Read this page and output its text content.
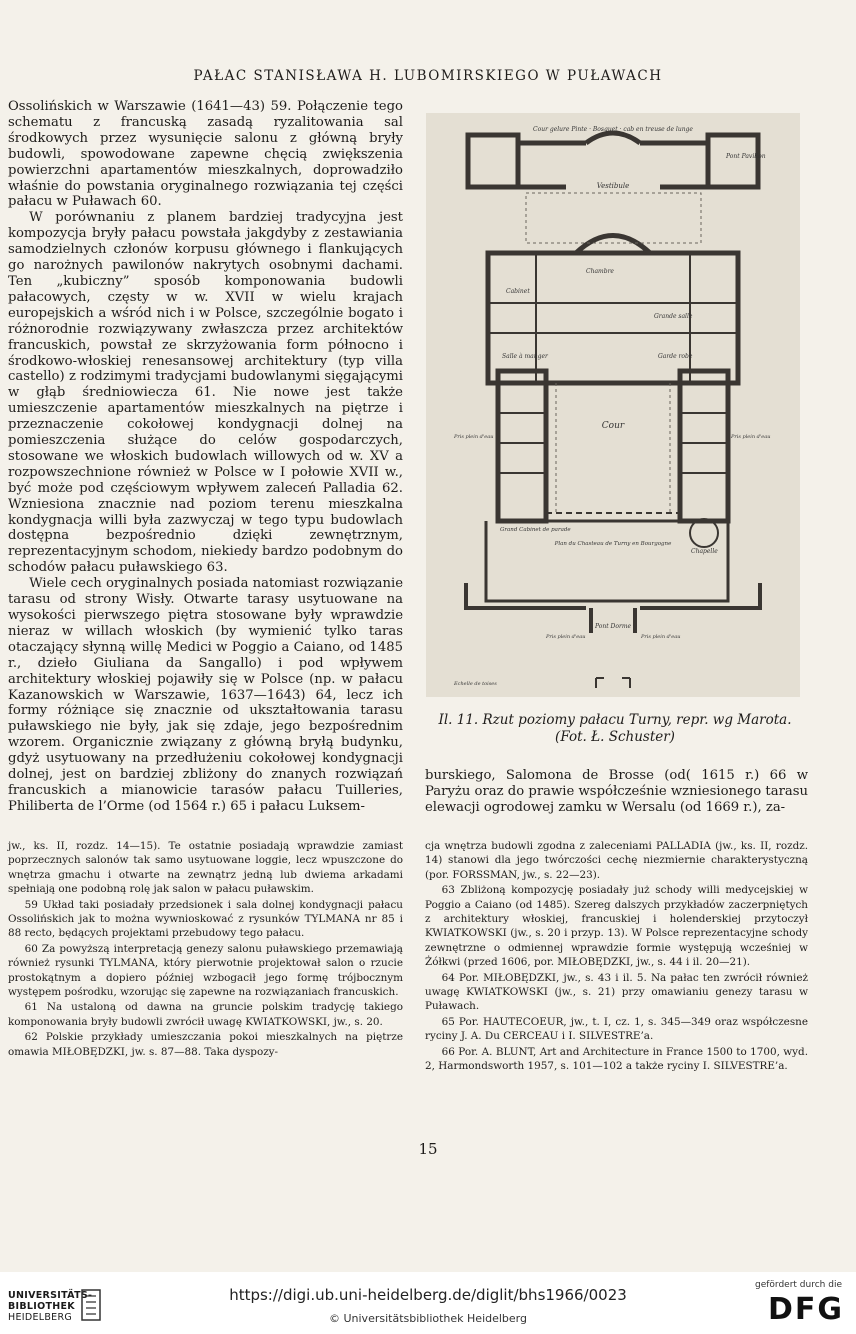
PAŁAC STANISŁAWA H. LUBOMIRSKIEGO W PUŁAWACH

Ossolińskich w Warszawie (1641—43) 59. Połączenie tego schematu z francuską zasadą ryzalitowania sal środkowych przez wysunięcie salonu z główną bryły budowli, spowodowane zapewne chęcią zwiększenia powierzchni apartamentów mieszkalnych, doprowadziło właśnie do powstania oryginalnego rozwiązania tej części pałacu w Puławach 60.

W porównaniu z planem bardziej tradycyjna jest kompozycja bryły pałacu powstała jakgdyby z zestawiania samodzielnych członów korpusu głównego i flankujących go narożnych pawilonów nakrytych osobnymi dachami. Ten „kubiczny” sposób komponowania budowli pałacowych, częsty w w. XVII w wielu krajach europejskich a wśród nich i w Polsce, szczególnie bogato i różnorodnie rozwiązywany zwłaszcza przez architektów francuskich, powstał ze skrzyżowania form północno i środkowo-włoskiej renesansowej architektury (typ villa castello) z rodzimymi tradycjami budowlanymi sięgającymi w głąb średniowiecza 61. Nie nowe jest także umieszczenie apartamentów mieszkalnych na piętrze i przeznaczenie cokołowej kondygnacji dolnej na pomieszczenia służące do celów gospodarczych, stosowane we włoskich budowlach willowych od w. XV a rozpowszechnione również w Polsce w I połowie XVII w., być może pod częściowym wpływem zaleceń Palladia 62. Wzniesiona znacznie nad poziom terenu mieszkalna kondygnacja willi była zazwyczaj w tego typu budowlach dostępna bezpośrednio dzięki zewnętrznym, reprezentacyjnym schodom, niekiedy bardzo podobnym do schodów pałacu puławskiego 63.

Wiele cech oryginalnych posiada natomiast rozwiązanie tarasu od strony Wisły. Otwarte tarasy usytuowane na wysokości pierwszego piętra stosowane były wprawdzie nieraz w willach włoskich (by wymienić tylko taras otaczający słynną willę Medici w Poggio a Caiano, od 1485 r., dzieło Giuliana da Sangallo) i pod wpływem architektury włoskiej pojawiły się w Polsce (np. w pałacu Kazanowskich w Warszawie, 1637—1643) 64, lecz ich formy różniące się znacznie od ukształtowania tarasu puławskiego nie były, jak się zdaje, jego bezpośrednim wzorem. Organicznie związany z główną bryłą budynku, gdyż usytuowany na przedłużeniu cokołowej kondygnacji dolnej, jest on bardziej zbliżony do znanych rozwiązań francuskich a mianowicie tarasów pałacu Tuilleries, Philiberta de l’Orme (od 1564 r.) 65 i pałacu Luksem-

Cour gelure Pinte · Bosquet · cab en treuse de lunge
Pont Pavillon
Vestibule
Cabinet
Chambre
Grande salle
Salle à manger	Garde robe
Cour
Pris plein d'eau	Pris plein d'eau
Chapelle
Grand Cabinet de parade
Plan du Chasteau de Turny en Bourgogne
Pont Dorme
Pris plein d'eau	Pris plein d'eau
Echelle de toises
Il. 11. Rzut poziomy pałacu Turny, repr. wg Marota.
(Fot. Ł. Schuster)

burskiego, Salomona de Brosse (od( 1615 r.) 66 w Paryżu oraz do prawie współcześnie wzniesionego tarasu elewacji ogrodowej zamku w Wersalu (od 1669 r.), za-

jw., ks. II, rozdz. 14—15). Te ostatnie posiadają wprawdzie zamiast poprzecznych salonów tak samo usytuowane loggie, lecz wpuszczone do wnętrza gmachu i otwarte na zewnątrz jedną lub dwiema arkadami spełniają one podobną rolę jak salon w pałacu puławskim.

59 Układ taki posiadały przedsionek i sala dolnej kondygnacji pałacu Ossolińskich jak to można wywnioskować z rysunków TYLMANA nr 85 i 88 recto, będących projektami przebudowy tego pałacu.

60 Za powyższą interpretacją genezy salonu puławskiego przemawiają również rysunki TYLMANA, który pierwotnie projektował salon o rzucie prostokątnym a dopiero później wzbogacił jego formę trójbocznym występem pośrodku, wzorując się zapewne na rozwiązaniach francuskich.

61 Na ustaloną od dawna na gruncie polskim tradycję takiego komponowania bryły budowli zwrócił uwagę KWIATKOWSKI, jw., s. 20.

62 Polskie przykłady umieszczania pokoi mieszkalnych na piętrze omawia MIŁOBĘDZKI, jw. s. 87—88. Taka dyspozy-

cja wnętrza budowli zgodna z zaleceniami PALLADIA (jw., ks. II, rozdz. 14) stanowi dla jego twórczości cechę niezmiernie charakterystyczną (por. FORSSMAN, jw., s. 22—23).

63 Zbliżoną kompozycję posiadały już schody willi medycejskiej w Poggio a Caiano (od 1485). Szereg dalszych przykładów zaczerpniętych z architektury włoskiej, francuskiej i holenderskiej przytoczył KWIATKOWSKI (jw., s. 20 i przyp. 13). W Polsce reprezentacyjne schody zewnętrzne o odmiennej wprawdzie formie występują wcześniej w Żółkwi (przed 1606, por. MIŁOBĘDZKI, jw., s. 44 i il. 20—21).

64 Por. MIŁOBĘDZKI, jw., s. 43 i il. 5. Na pałac ten zwrócił również uwagę KWIATKOWSKI (jw., s. 21) przy omawianiu genezy tarasu w Puławach.

65 Por. HAUTECOEUR, jw., t. I, cz. 1, s. 345—349 oraz współczesne ryciny J. A. Du CERCEAU i I. SILVESTRE’a.

66 Por. A. BLUNT, Art and Architecture in France 1500 to 1700, wyd. 2, Harmondsworth 1957, s. 101—102 a także ryciny I. SILVESTRE’a.

15
UNIVERSITÄTS-
BIBLIOTHEK
HEIDELBERG
https://digi.ub.uni-heidelberg.de/diglit/bhs1966/0023
© Universitätsbibliothek Heidelberg
gefördert durch die
DFG
